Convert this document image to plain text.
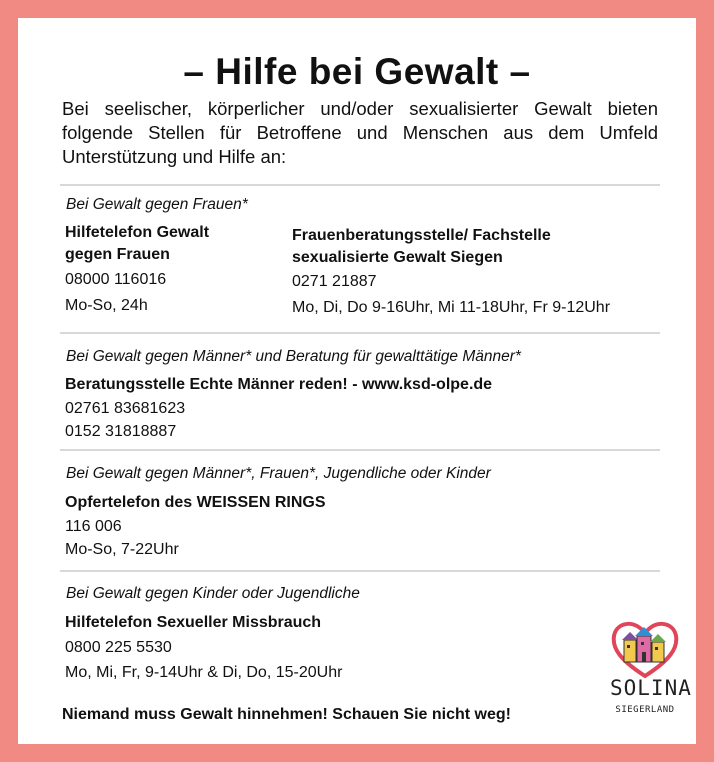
– Hilfe bei Gewalt –
Bei seelischer, körperlicher und/oder sexualisierter Gewalt bieten folgende Stellen für Betroffene und Menschen aus dem Umfeld Unterstützung und Hilfe an:
Bei Gewalt gegen Frauen*
Hilfetelefon Gewalt
gegen Frauen
08000 116016
Mo-So, 24h
Frauenberatungsstelle/ Fachstelle
sexualisierte Gewalt Siegen
0271 21887
Mo, Di, Do 9-16Uhr, Mi 11-18Uhr, Fr 9-12Uhr
Bei Gewalt gegen Männer* und Beratung für gewalttätige Männer*
Beratungsstelle Echte Männer reden! - www.ksd-olpe.de
02761 83681623
0152 31818887
Bei Gewalt gegen Männer*, Frauen*, Jugendliche oder Kinder
Opfertelefon des WEISSEN RINGS
116 006
Mo-So, 7-22Uhr
Bei Gewalt gegen Kinder oder Jugendliche
Hilfetelefon Sexueller Missbrauch
0800 225 5530
Mo, Mi, Fr, 9-14Uhr & Di, Do, 15-20Uhr
Niemand muss Gewalt hinnehmen! Schauen Sie nicht weg!
SOLINA
SIEGERLAND
